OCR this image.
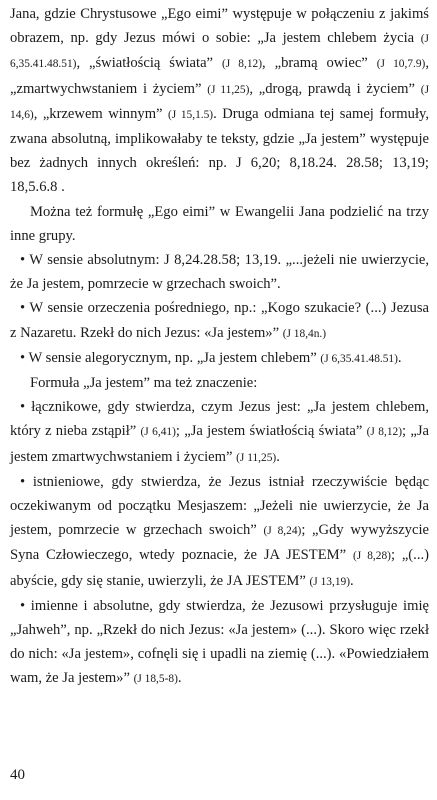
Jana, gdzie Chrystusowe „Ego eimi” występuje w połączeniu z jakimś obrazem, np. gdy Jezus mówi o sobie: „Ja jestem chlebem życia (J 6,35.41.48.51), „światłością świata” (J 8,12), „bramą owiec” (J 10,7.9), „zmartwychwstaniem i życiem” (J 11,25), „drogą, prawdą i życiem” (J 14,6), „krzewem winnym” (J 15,1.5). Druga odmiana tej samej formuły, zwana absolutną, implikowałaby te teksty, gdzie „Ja jestem” występuje bez żadnych innych określeń: np. J 6,20; 8,18.24. 28.58; 13,19; 18,5.6.8 .

Można też formułę „Ego eimi” w Ewangelii Jana podzielić na trzy inne grupy.

• W sensie absolutnym: J 8,24.28.58; 13,19. „...jeżeli nie uwierzycie, że Ja jestem, pomrzecie w grzechach swoich”.

• W sensie orzeczenia pośredniego, np.: „Kogo szukacie? (...) Jezusa z Nazaretu. Rzekł do nich Jezus: «Ja jestem»” (J 18,4n.)

• W sensie alegorycznym, np. „Ja jestem chlebem” (J 6,35.41.48.51).

Formuła „Ja jestem” ma też znaczenie:

• łącznikowe, gdy stwierdza, czym Jezus jest: „Ja jestem chlebem, który z nieba zstąpił” (J 6,41); „Ja jestem światłością świata” (J 8,12); „Ja jestem zmartwychwstaniem i życiem” (J 11,25).

• istnieniowe, gdy stwierdza, że Jezus istniał rzeczywiście będąc oczekiwanym od początku Mesjaszem: „Jeżeli nie uwierzycie, że Ja jestem, pomrzecie w grzechach swoich” (J 8,24); „Gdy wywyższycie Syna Człowieczego, wtedy poznacie, że JA JESTEM” (J 8,28); „(...) abyście, gdy się stanie, uwierzyli, że JA JESTEM” (J 13,19).

• imienne i absolutne, gdy stwierdza, że Jezusowi przysługuje imię „Jahweh”, np. „Rzekł do nich Jezus: «Ja jestem» (...). Skoro więc rzekł do nich: «Ja jestem», cofnęli się i upadli na ziemię (...). «Powiedziałem wam, że Ja jestem»” (J 18,5-8).

40
